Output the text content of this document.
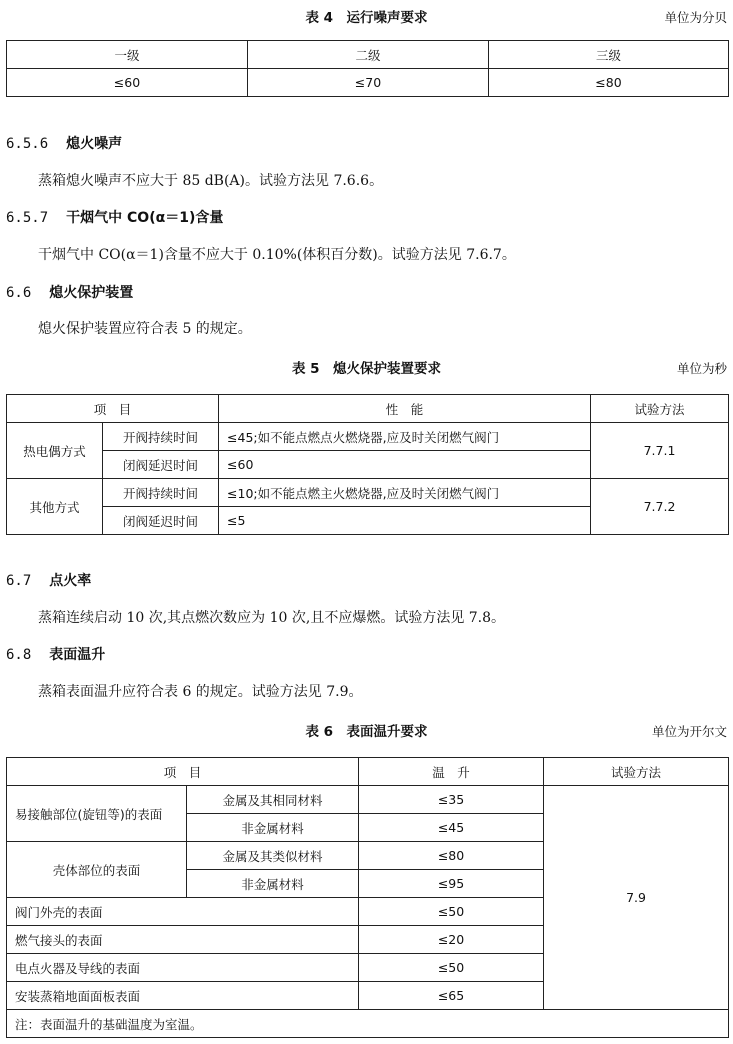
表 4　运行噪声要求	单位为分贝
一级	二级	三级
≤60	≤70	≤80
6.5.6 熄火噪声
蒸箱熄火噪声不应大于 85 dB(A)。试验方法见 7.6.6。
6.5.7 干烟气中 CO(α＝1)含量
干烟气中 CO(α＝1)含量不应大于 0.10%(体积百分数)。试验方法见 7.6.7。
6.6 熄火保护装置
熄火保护装置应符合表 5 的规定。
表 5　熄火保护装置要求	单位为秒
项　目		性　能	试验方法
热电偶方式	开阀持续时间	≤45;如不能点燃点火燃烧器,应及时关闭燃气阀门	7.7.1
	闭阀延迟时间	≤60	
其他方式	开阀持续时间	≤10;如不能点燃主火燃烧器,应及时关闭燃气阀门	7.7.2
	闭阀延迟时间	≤5	
6.7 点火率
蒸箱连续启动 10 次,其点燃次数应为 10 次,且不应爆燃。试验方法见 7.8。
6.8 表面温升
蒸箱表面温升应符合表 6 的规定。试验方法见 7.9。
表 6　表面温升要求	单位为开尔文
项　目		温　升	试验方法
易接触部位(旋钮等)的表面	金属及其相同材料	≤35	7.9
	非金属材料	≤45	
壳体部位的表面	金属及其类似材料	≤80	
	非金属材料	≤95	
阀门外壳的表面		≤50	
燃气接头的表面		≤20	
电点火器及导线的表面		≤50	
安装蒸箱地面面板表面		≤65	
注：表面温升的基础温度为室温。			
